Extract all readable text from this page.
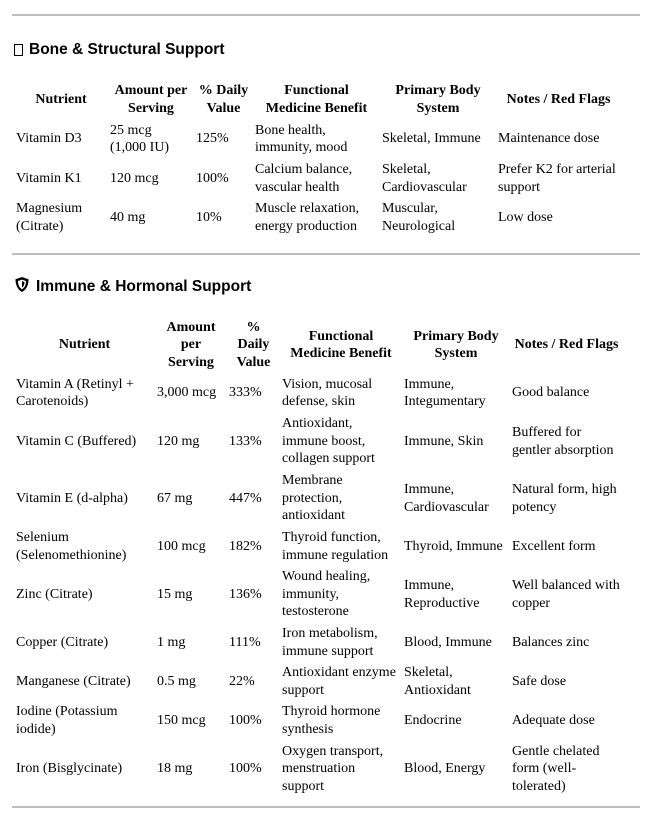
Bone & Structural Support
Nutrient	Amount per Serving	% Daily Value	Functional Medicine Benefit	Primary Body System	Notes / Red Flags
Vitamin D3	25 mcg (1,000 IU)	125%	Bone health, immunity, mood	Skeletal, Immune	Maintenance dose
Vitamin K1	120 mcg	100%	Calcium balance, vascular health	Skeletal, Cardiovascular	Prefer K2 for arterial support
Magnesium (Citrate)	40 mg	10%	Muscle relaxation, energy production	Muscular, Neurological	Low dose
Immune & Hormonal Support
Nutrient	Amount per Serving	% Daily Value	Functional Medicine Benefit	Primary Body System	Notes / Red Flags
Vitamin A (Retinyl + Carotenoids)	3,000 mcg	333%	Vision, mucosal defense, skin	Immune, Integumentary	Good balance
Vitamin C (Buffered)	120 mg	133%	Antioxidant, immune boost, collagen support	Immune, Skin	Buffered for gentler absorption
Vitamin E (d-alpha)	67 mg	447%	Membrane protection, antioxidant	Immune, Cardiovascular	Natural form, high potency
Selenium (Selenomethionine)	100 mcg	182%	Thyroid function, immune regulation	Thyroid, Immune	Excellent form
Zinc (Citrate)	15 mg	136%	Wound healing, immunity, testosterone	Immune, Reproductive	Well balanced with copper
Copper (Citrate)	1 mg	111%	Iron metabolism, immune support	Blood, Immune	Balances zinc
Manganese (Citrate)	0.5 mg	22%	Antioxidant enzyme support	Skeletal, Antioxidant	Safe dose
Iodine (Potassium iodide)	150 mcg	100%	Thyroid hormone synthesis	Endocrine	Adequate dose
Iron (Bisglycinate)	18 mg	100%	Oxygen transport, menstruation support	Blood, Energy	Gentle chelated form (well-tolerated)
